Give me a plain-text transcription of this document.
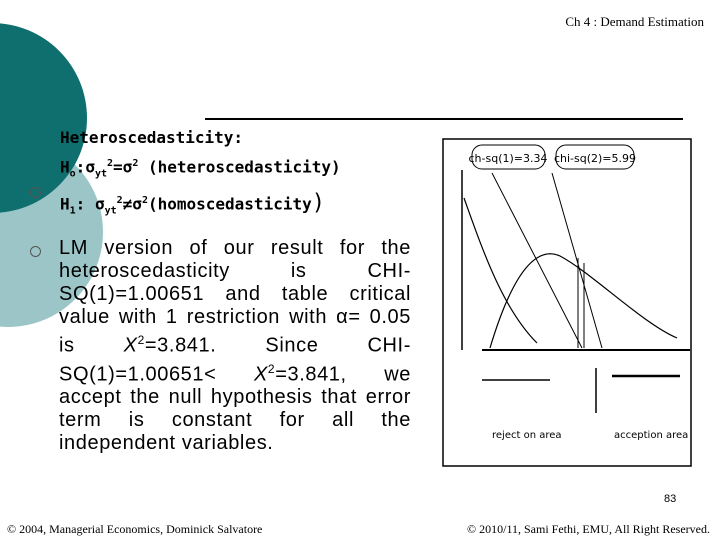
Ch 4 : Demand Estimation
Heteroscedasticity:
$H_o:\sigma_{yt}^2=\sigma^2$ (heteroscedasticity)
$H_1$: $\sigma_{yt}^2\ne\sigma^2(homoscedasticity)$
LM version of our result for the heteroscedasticity is CHI-SQ(1)=1.00651 and table critical value with 1 restriction with α= 0.05 is $X^2=3.841$. Since $CHI-SQ(1)=1.00651< X^2=3.841$, we accept the null hypothesis that error term is constant for all the independent variables.
ch-sq(1)=3.34 chi-sq(2)=5.99
reject on area	acception area
83
© 2004, Managerial Economics, Dominick Salvatore	© 2010/11, Sami Fethi, EMU, All Right Reserved.
